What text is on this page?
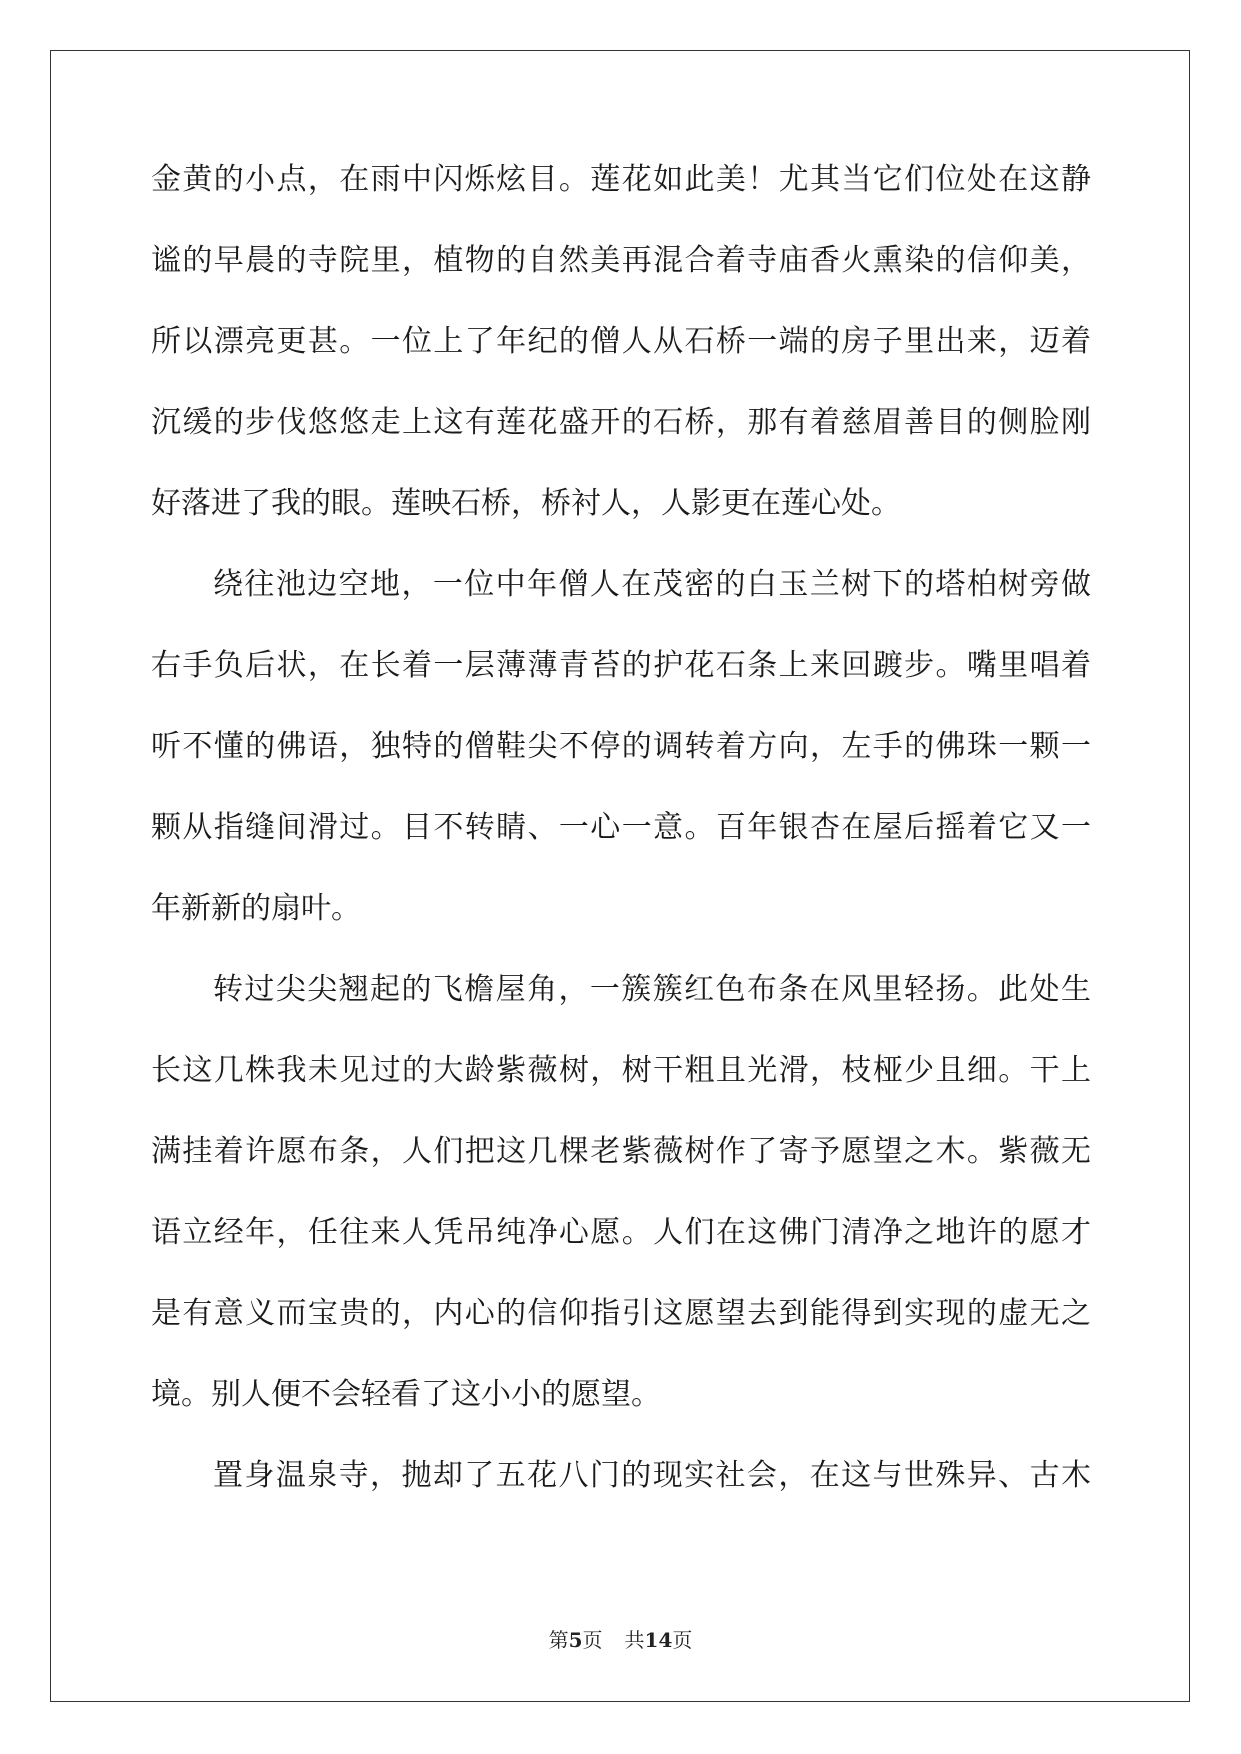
金黄的小点，在雨中闪烁炫目。莲花如此美！尤其当它们位处在这静
谧的早晨的寺院里，植物的自然美再混合着寺庙香火熏染的信仰美，
所以漂亮更甚。一位上了年纪的僧人从石桥一端的房子里出来，迈着
沉缓的步伐悠悠走上这有莲花盛开的石桥，那有着慈眉善目的侧脸刚
好落进了我的眼。莲映石桥，桥衬人，人影更在莲心处。
绕往池边空地，一位中年僧人在茂密的白玉兰树下的塔柏树旁做
右手负后状，在长着一层薄薄青苔的护花石条上来回踱步。嘴里唱着
听不懂的佛语，独特的僧鞋尖不停的调转着方向，左手的佛珠一颗一
颗从指缝间滑过。目不转睛、一心一意。百年银杏在屋后摇着它又一
年新新的扇叶。
转过尖尖翘起的飞檐屋角，一簇簇红色布条在风里轻扬。此处生
长这几株我未见过的大龄紫薇树，树干粗且光滑，枝桠少且细。干上
满挂着许愿布条，人们把这几棵老紫薇树作了寄予愿望之木。紫薇无
语立经年，任往来人凭吊纯净心愿。人们在这佛门清净之地许的愿才
是有意义而宝贵的，内心的信仰指引这愿望去到能得到实现的虚无之
境。别人便不会轻看了这小小的愿望。
置身温泉寺，抛却了五花八门的现实社会，在这与世殊异、古木
第5页 共14页
